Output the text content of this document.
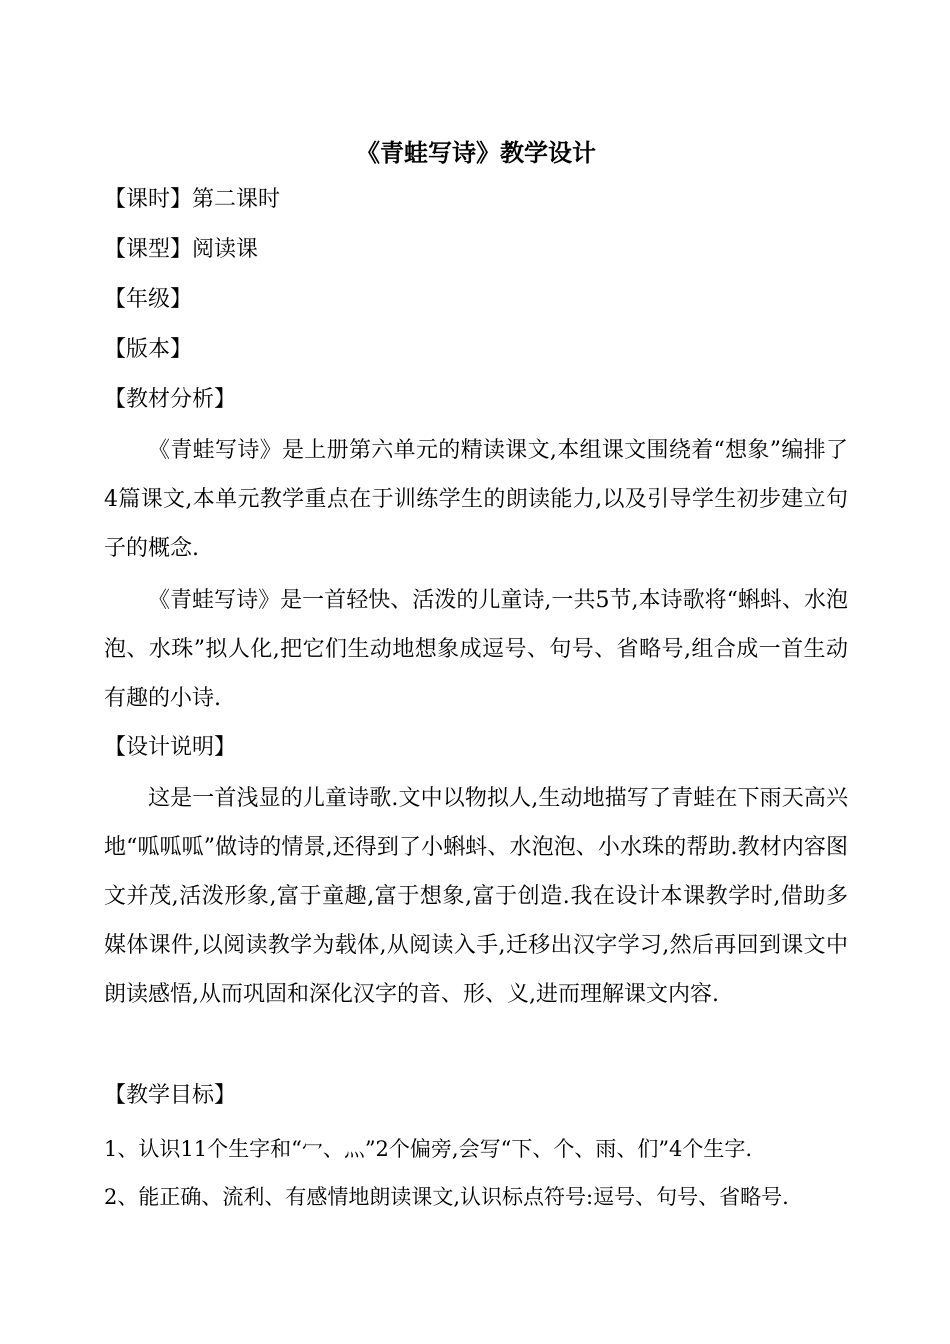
《青蛙写诗》教学设计
【课时】第二课时
【课型】阅读课
【年级】
【版本】
【教材分析】
《青蛙写诗》是上册第六单元的精读课文,本组课文围绕着“想象”编排了4篇课文,本单元教学重点在于训练学生的朗读能力,以及引导学生初步建立句子的概念.
《青蛙写诗》是一首轻快、活泼的儿童诗,一共5节,本诗歌将“蝌蚪、水泡泡、水珠”拟人化,把它们生动地想象成逗号、句号、省略号,组合成一首生动有趣的小诗.
【设计说明】
这是一首浅显的儿童诗歌.文中以物拟人,生动地描写了青蛙在下雨天高兴地“呱呱呱”做诗的情景,还得到了小蝌蚪、水泡泡、小水珠的帮助.教材内容图文并茂,活泼形象,富于童趣,富于想象,富于创造.我在设计本课教学时,借助多媒体课件,以阅读教学为载体,从阅读入手,迁移出汉字学习,然后再回到课文中朗读感悟,从而巩固和深化汉字的音、形、义,进而理解课文内容.
【教学目标】
1、认识11个生字和“冖、灬”2个偏旁,会写“下、个、雨、们”4个生字.
2、能正确、流利、有感情地朗读课文,认识标点符号:逗号、句号、省略号.
